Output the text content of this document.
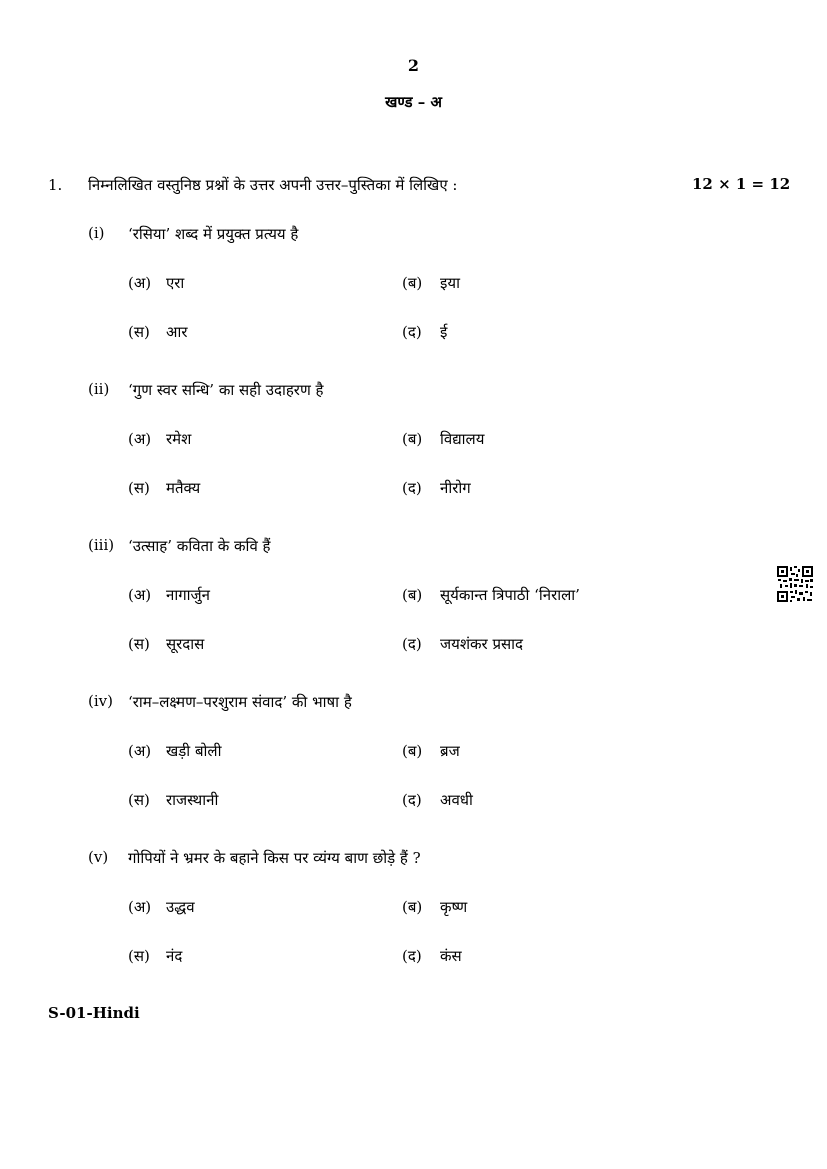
2
खण्ड – अ
1. निम्नलिखित वस्तुनिष्ठ प्रश्नों के उत्तर अपनी उत्तर–पुस्तिका में लिखिए :	12 × 1 = 12
(i) ‘रसिया’ शब्द में प्रयुक्त प्रत्यय है
(अ) एरा	(ब) इया
(स) आर	(द) ई
(ii) ‘गुण स्वर सन्धि’ का सही उदाहरण है
(अ) रमेश	(ब) विद्यालय
(स) मतैक्य	(द) नीरोग
(iii) ‘उत्साह’ कविता के कवि हैं
(अ) नागार्जुन	(ब) सूर्यकान्त त्रिपाठी ‘निराला’
(स) सूरदास	(द) जयशंकर प्रसाद
(iv) ‘राम–लक्ष्मण–परशुराम संवाद’ की भाषा है
(अ) खड़ी बोली	(ब) ब्रज
(स) राजस्थानी	(द) अवधी
(v) गोपियों ने भ्रमर के बहाने किस पर व्यंग्य बाण छोड़े हैं ?
(अ) उद्धव	(ब) कृष्ण
(स) नंद	(द) कंस
S-01-Hindi
